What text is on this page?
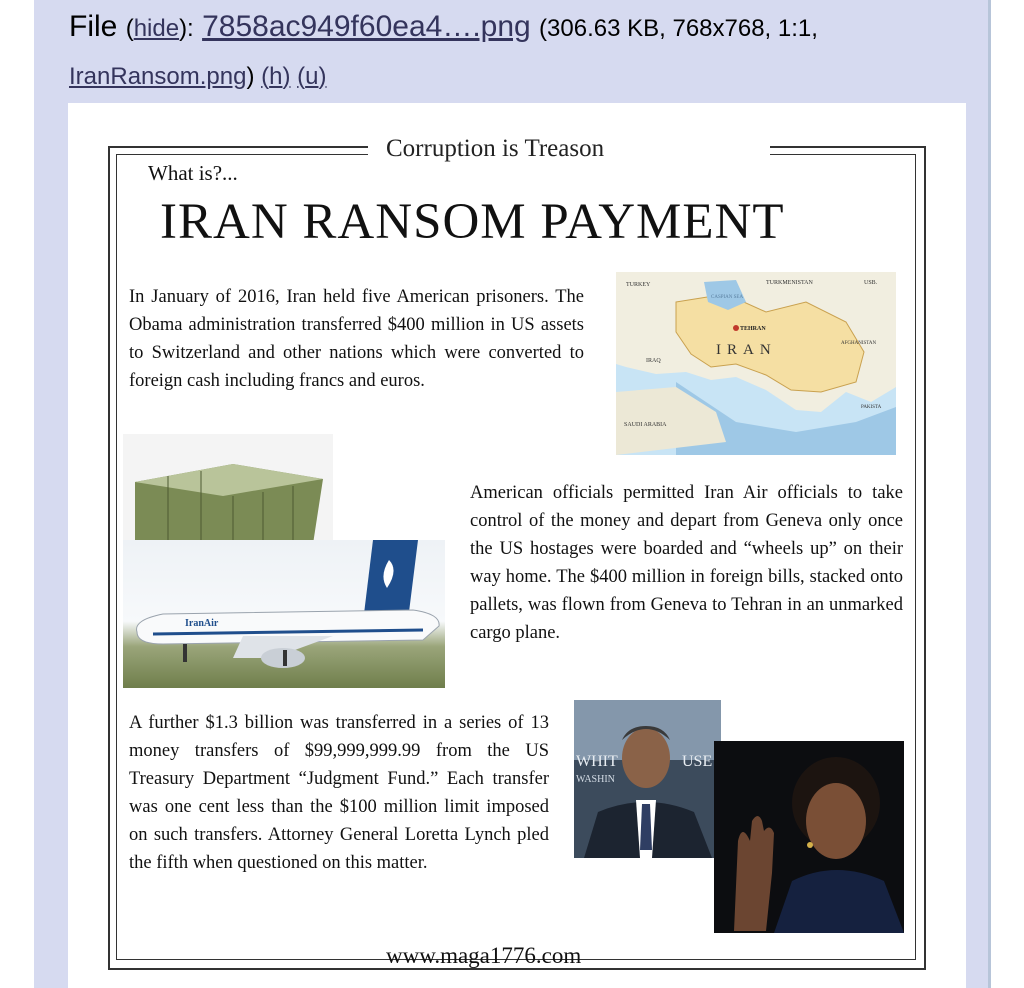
File (hide): 7858ac949f60ea4….png (306.63 KB, 768x768, 1:1,
IranRansom.png) (h) (u)
Corruption is Treason
What is?...
IRAN RANSOM PAYMENT
In January of 2016, Iran held five American prisoners. The Obama administration transferred $400 million in US assets to Switzerland and other nations which were converted to foreign cash including francs and euros.
TURKEY	TURKMENISTAN	USB.
CASPIAN SEA
TEHRAN
IRAN
IRAQ
AFGHANISTAN
SAUDI ARABIA
PAKISTA
IranAir
American officials permitted Iran Air officials to take control of the money and depart from Geneva only once the US hostages were boarded and “wheels up” on their way home. The $400 million in foreign bills, stacked onto pallets, was flown from Geneva to Tehran in an unmarked cargo plane.
A further $1.3 billion was transferred in a series of 13 money transfers of $99,999,999.99 from the US Treasury Department “Judgment Fund.” Each transfer was one cent less than the $100 million limit imposed on such transfers. Attorney General Loretta Lynch pled the fifth when questioned on this matter.
WHIT	USE
WASHIN
www.maga1776.com
